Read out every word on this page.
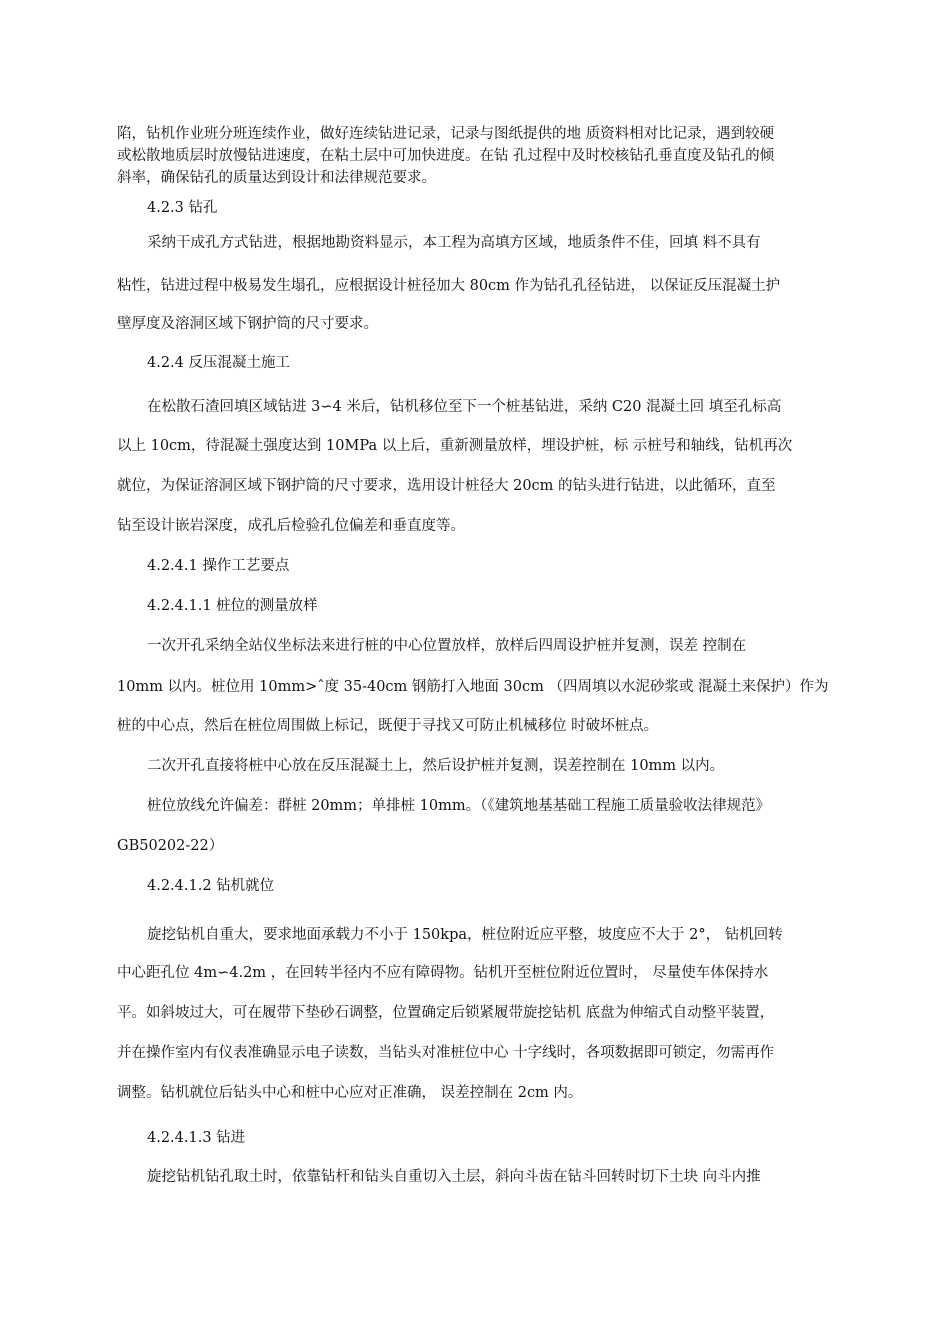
陷，钻机作业班分班连续作业，做好连续钻进记录，记录与图纸提供的地 质资料相对比记录，遇到较硬
或松散地质层时放慢钻进速度，在粘土层中可加快进度。在钻 孔过程中及时校核钻孔垂直度及钻孔的倾
斜率，确保钻孔的质量达到设计和法律规范要求。
4.2.3 钻孔
采纳干成孔方式钻进，根据地勘资料显示，本工程为高填方区域，地质条件不佳，回填 料不具有
粘性，钻进过程中极易发生塌孔，应根据设计桩径加大 80cm 作为钻孔孔径钻进， 以保证反压混凝土护
壁厚度及溶洞区域下钢护筒的尺寸要求。
4.2.4 反压混凝土施工
在松散石渣回填区域钻进 3∽4 米后，钻机移位至下一个桩基钻进，采纳 C20 混凝土回 填至孔标高
以上 10cm，待混凝土强度达到 10MPa 以上后，重新测量放样，埋设护桩，标 示桩号和轴线，钻机再次
就位，为保证溶洞区域下钢护筒的尺寸要求，选用设计桩径大 20cm 的钻头进行钻进，以此循环，直至
钻至设计嵌岩深度，成孔后检验孔位偏差和垂直度等。
4.2.4.1 操作工艺要点
4.2.4.1.1 桩位的测量放样
一次开孔采纳全站仪坐标法来进行桩的中心位置放样，放样后四周设护桩并复测，误差 控制在
10mm 以内。桩位用 10mm>ˆ度 35-40cm 钢筋打入地面 30cm （四周填以水泥砂浆或 混凝土来保护）作为
桩的中心点，然后在桩位周围做上标记，既便于寻找又可防止机械移位 时破坏桩点。
二次开孔直接将桩中心放在反压混凝土上，然后设护桩并复测，误差控制在 10mm 以内。
桩位放线允许偏差：群桩 20mm；单排桩 10mm。（《建筑地基基础工程施工质量验收法律规范》
GB50202-22）
4.2.4.1.2 钻机就位
旋挖钻机自重大，要求地面承载力不小于 150kpa，桩位附近应平整，坡度应不大于 2°， 钻机回转
中心距孔位 4m∽4.2m ，在回转半径内不应有障碍物。钻机开至桩位附近位置时， 尽量使车体保持水
平。如斜坡过大，可在履带下垫砂石调整，位置确定后锁紧履带旋挖钻机 底盘为伸缩式自动整平装置，
并在操作室内有仪表准确显示电子读数，当钻头对准桩位中心 十字线时，各项数据即可锁定，勿需再作
调整。钻机就位后钻头中心和桩中心应对正准确， 误差控制在 2cm 内。
4.2.4.1.3 钻进
旋挖钻机钻孔取土时，依靠钻杆和钻头自重切入土层，斜向斗齿在钻斗回转时切下土块 向斗内推
